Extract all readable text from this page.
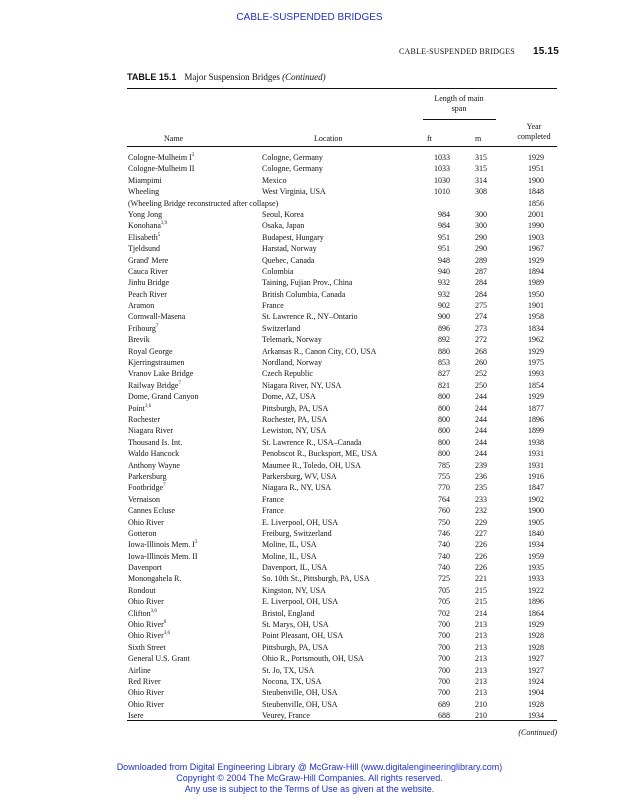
CABLE-SUSPENDED BRIDGES
CABLE-SUSPENDED BRIDGES 15.15
TABLE 15.1 Major Suspension Bridges (Continued)
Length of main span
Year completed
Name	Location	ft	m
Cologne-Mulheim $I^3$	Cologne, Germany	1033	315	1929
Cologne-Mulheim II	Cologne, Germany	1033	315	1951
Miampimi	Mexico	1030	314	1900
Wheeling	West Virginia, USA	1010	308	1848
(Wheeling Bridge reconstructed after collapse)	1856
Yong Jong	Seoul, Korea	984	300	2001
Konohana$^{3,9}$	Osaka, Japan	984	300	1990
Elisabeth$^5$	Budapest, Hungary	951	290	1903
Tjeldsund	Harstad, Norway	951	290	1967
Grand' Mere	Quebec, Canada	948	289	1929
Cauca River	Colombia	940	287	1894
Jinhu Bridge	Taining, Fujian Prov., China	932	284	1989
Peach River	British Columbia, Canada	932	284	1950
Aramon	France	902	275	1901
Cornwall-Masena	St. Lawrence R., NY–Ontario	900	274	1958
Fribourg$^7$	Switzerland	896	273	1834
Brevik	Telemark, Norway	892	272	1962
Royal George	Arkansas R., Canon City, CO, USA	880	268	1929
Kjerringstraumen	Nordland, Norway	853	260	1975
Vranov Lake Bridge	Czech Republic	827	252	1993
Railway Bridge$^7$	Niagara River, NY, USA	821	250	1854
Dome, Grand Canyon	Dome, AZ, USA	800	244	1929
Point$^{3,6}$	Pittsburgh, PA, USA	800	244	1877
Rochester	Rochester, PA, USA	800	244	1896
Niagara River	Lewiston, NY, USA	800	244	1899
Thousand Is. Int.	St. Lawrence R., USA–Canada	800	244	1938
Waldo Hancock	Penobscot R., Bucksport, ME, USA	800	244	1931
Anthony Wayne	Maumee R., Toledo, OH, USA	785	239	1931
Parkersburg	Parkersburg, WV, USA	755	236	1916
Footbridge$^7$	Niagara R., NY, USA	770	235	1847
Vernaison	France	764	233	1902
Cannes Ecluse	France	760	232	1900
Ohio River	E. Liverpool, OH, USA	750	229	1905
Gotteron	Freiburg, Switzerland	746	227	1840
Iowa-Illinois Mem. $I^3$	Moline, IL, USA	740	226	1934
Iowa-Illinois Mem. II	Moline, IL, USA	740	226	1959
Davenport	Davenport, IL, USA	740	226	1935
Monongahela R.	So. 10th St., Pittsburgh, PA, USA	725	221	1933
Rondout	Kingston, NY, USA	705	215	1922
Ohio River	E. Liverpool, OH, USA	705	215	1896
Clifton$^{3,6}$	Bristol, England	702	214	1864
Ohio River$^6$	St. Marys, OH, USA	700	213	1929
Ohio River$^{3,6}$	Point Pleasant, OH, USA	700	213	1928
Sixth Street	Pittsburgh, PA, USA	700	213	1928
General U.S. Grant	Ohio R., Portsmouth, OH, USA	700	213	1927
Airline	St. Jo, TX, USA	700	213	1927
Red River	Nocona, TX, USA	700	213	1924
Ohio River	Steubenville, OH, USA	700	213	1904
Ohio River	Steubenville, OH, USA	689	210	1928
Isere	Veurey, France	688	210	1934
(Continued)
Downloaded from Digital Engineering Library @ McGraw-Hill (www.digitalengineeringlibrary.com)
Copyright © 2004 The McGraw-Hill Companies. All rights reserved.
Any use is subject to the Terms of Use as given at the website.
